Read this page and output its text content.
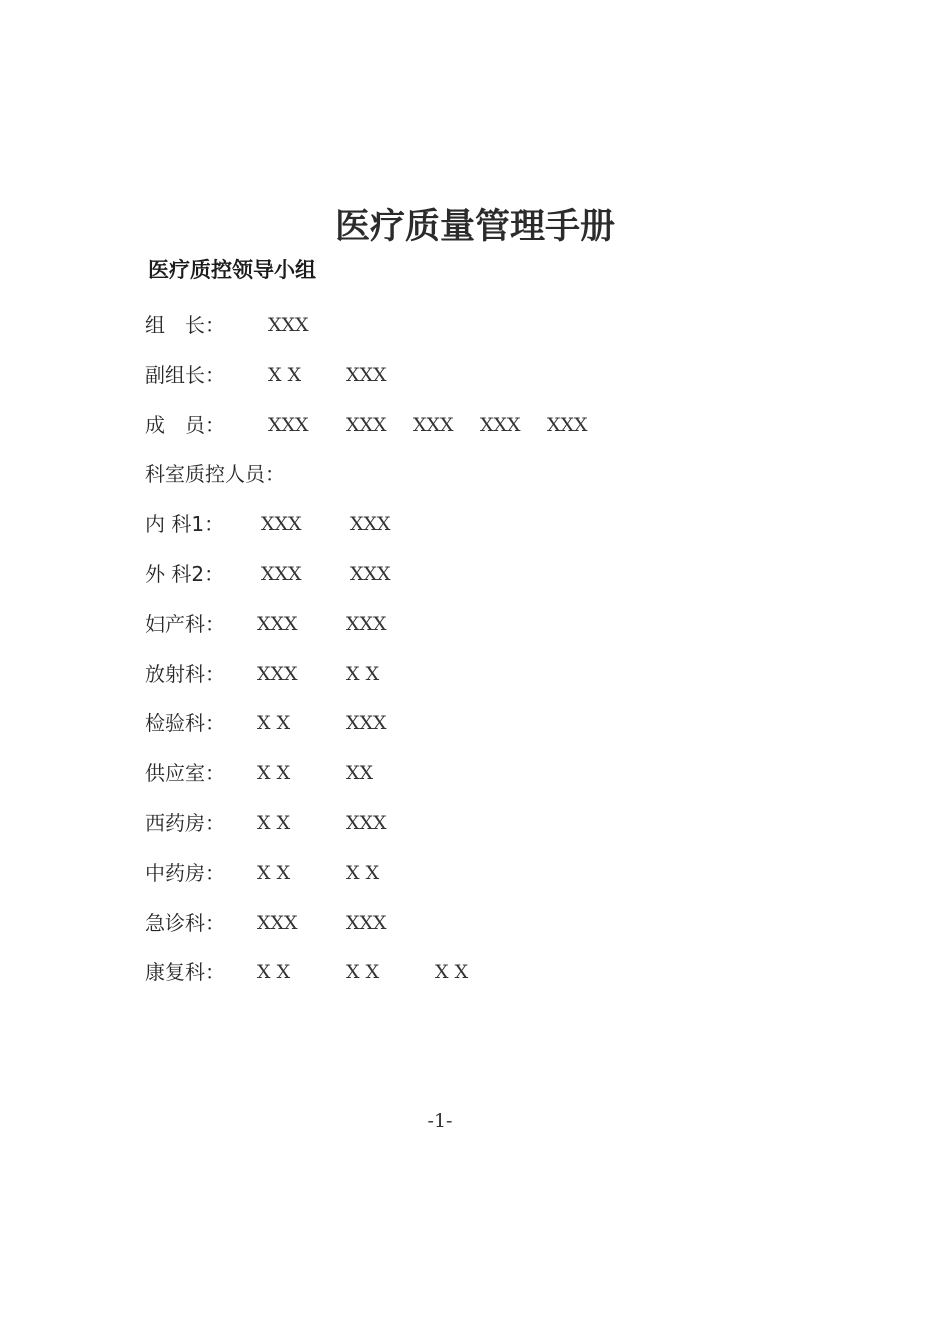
医疗质量管理手册
医疗质控领导小组
组　长： XXX
副组长： X X XXX
成　员： XXX XXX XXX XXX XXX
科室质控人员：
内 科1： XXX	XXX
外 科2： XXX	XXX
妇产科： XXX	XXX
放射科： XXX	X X
检验科： X X	XXX
供应室： X X	XX
西药房： X X	XXX
中药房： X X	X X
急诊科： XXX	XXX
康复科： X X	X X	X X
-1-
